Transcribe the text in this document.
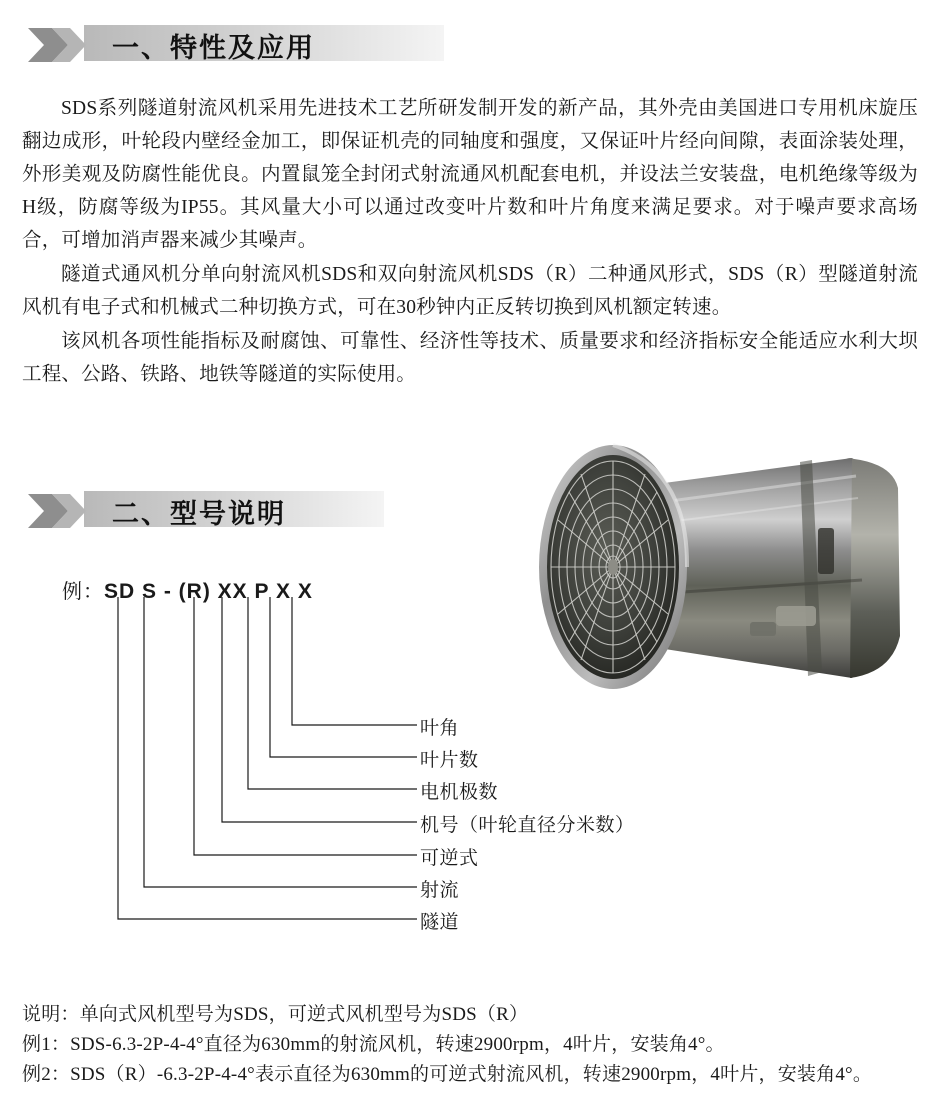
一、特性及应用

SDS系列隧道射流风机采用先进技术工艺所研发制开发的新产品，其外壳由美国进口专用机床旋压翻边成形，叶轮段内壁经金加工，即保证机壳的同轴度和强度，又保证叶片经向间隙，表面涂装处理，外形美观及防腐性能优良。内置鼠笼全封闭式射流通风机配套电机，并设法兰安装盘，电机绝缘等级为H级，防腐等级为IP55。其风量大小可以通过改变叶片数和叶片角度来满足要求。对于噪声要求高场合，可增加消声器来减少其噪声。

隧道式通风机分单向射流风机SDS和双向射流风机SDS（R）二种通风形式，SDS（R）型隧道射流风机有电子式和机械式二种切换方式，可在30秒钟内正反转切换到风机额定转速。

该风机各项性能指标及耐腐蚀、可靠性、经济性等技术、质量要求和经济指标安全能适应水利大坝工程、公路、铁路、地铁等隧道的实际使用。

二、型号说明
例：SD S - (R) XX P X X
叶角
叶片数
电机极数
机号（叶轮直径分米数）
可逆式
射流
隧道

说明：单向式风机型号为SDS，可逆式风机型号为SDS（R）

例1：SDS-6.3-2P-4-4°直径为630mm的射流风机，转速2900rpm，4叶片，安装角4°。

例2：SDS（R）-6.3-2P-4-4°表示直径为630mm的可逆式射流风机，转速2900rpm，4叶片，安装角4°。
